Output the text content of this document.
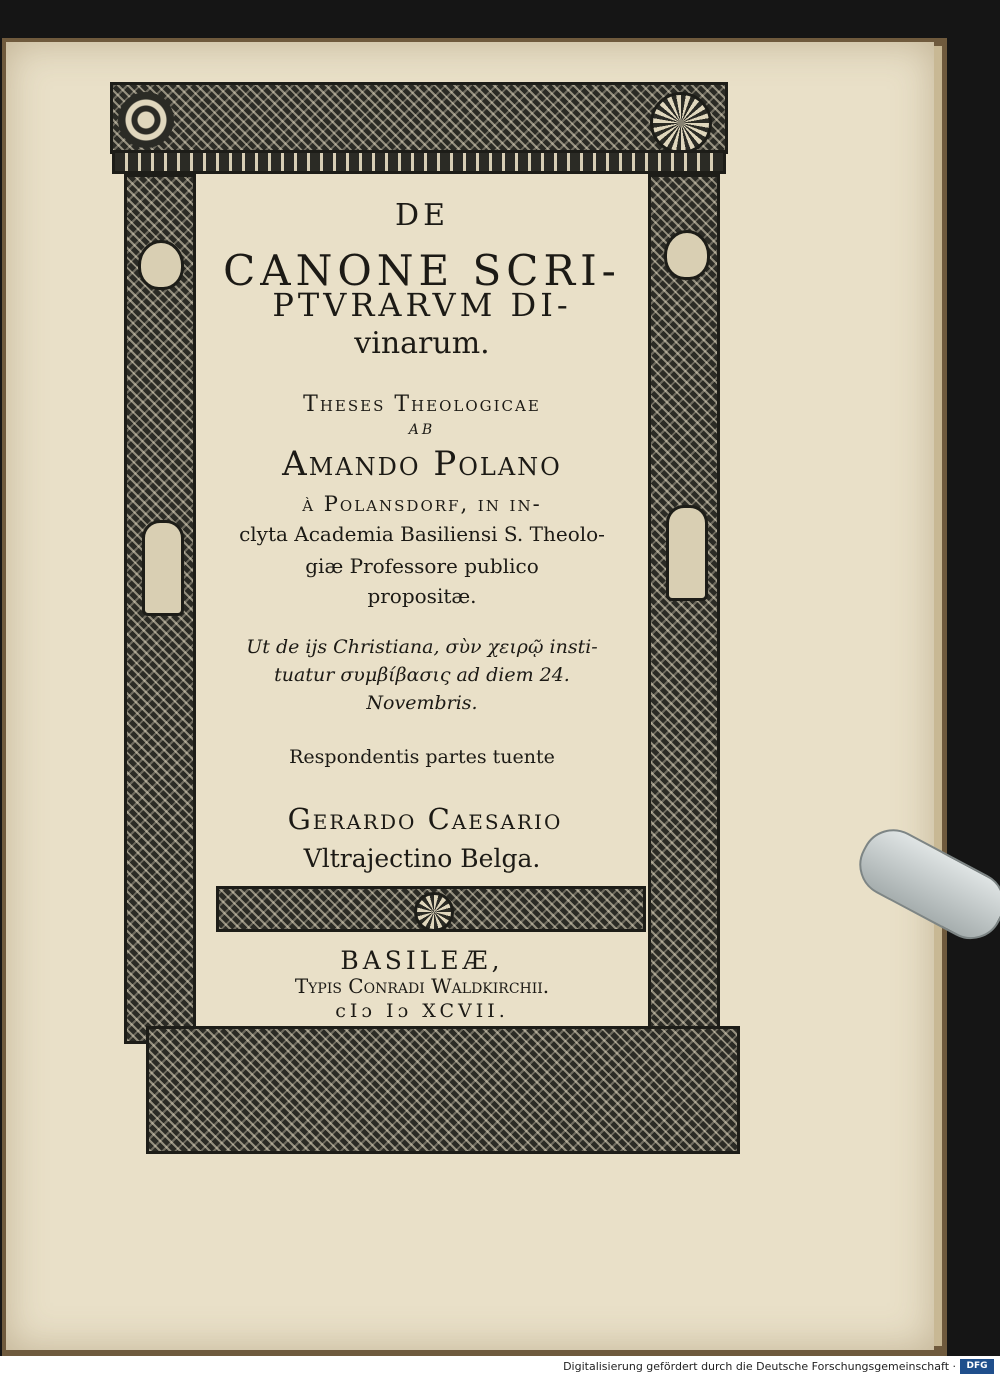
DE
CANONE SCRI-
PTVRARVM DI-
vinarum.
Theses Theologicae
AB
Amando Polano
à Polansdorf, in in-
clyta Academia Basiliensi S. Theolo-
giæ Professore publico
propositæ.
Ut de ijs Christiana, σὺν χειρῷ insti-
tuatur συμβίβασις ad diem 24.
Novembris.
Respondentis partes tuente
Gerardo Caesario
Vltrajectino Belga.
BASILEÆ,
Typis Conradi Waldkirchii.
cIɔ Iɔ XCVII.
Digitalisierung gefördert durch die Deutsche Forschungsgemeinschaft ·	DFG
